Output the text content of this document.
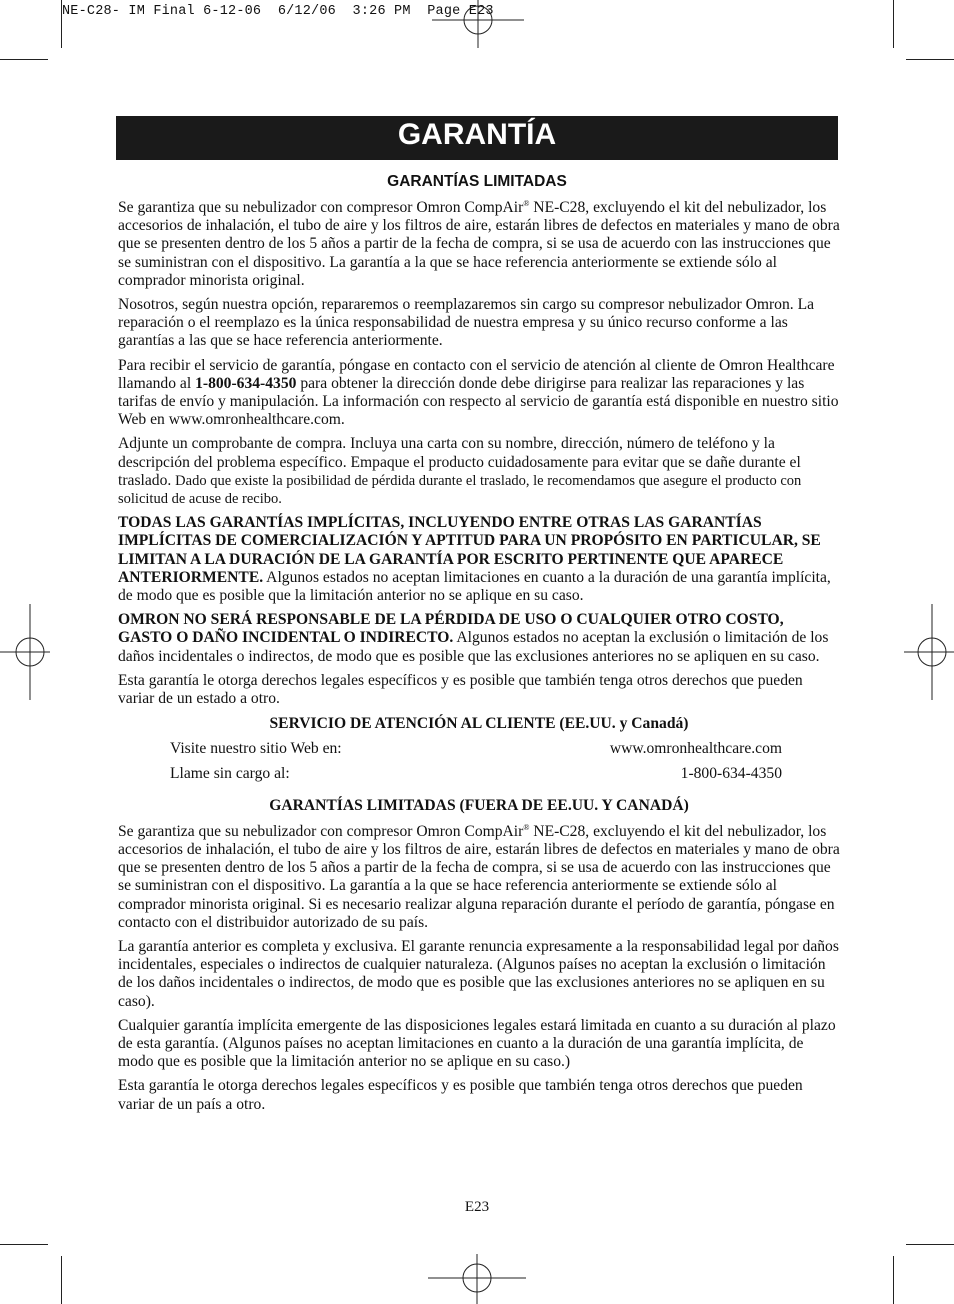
NE-C28- IM Final 6-12-06  6/12/06  3:26 PM  Page E23
GARANTÍA
GARANTÍAS LIMITADAS

Se garantiza que su nebulizador con compresor Omron CompAir® NE-C28, excluyendo el kit del nebulizador, los accesorios de inhalación, el tubo de aire y los filtros de aire, estarán libres de defectos en materiales y mano de obra que se presenten dentro de los 5 años a partir de la fecha de compra, si se usa de acuerdo con las instrucciones que se suministran con el dispositivo. La garantía a la que se hace referencia anteriormente se extiende sólo al comprador minorista original.

Nosotros, según nuestra opción, repararemos o reemplazaremos sin cargo su compresor nebulizador Omron. La reparación o el reemplazo es la única responsabilidad de nuestra empresa y su único recurso conforme a las garantías a las que se hace referencia anteriormente.

Para recibir el servicio de garantía, póngase en contacto con el servicio de atención al cliente de Omron Healthcare llamando al 1-800-634-4350 para obtener la dirección donde debe dirigirse para realizar las reparaciones y las tarifas de envío y manipulación. La información con respecto al servicio de garantía está disponible en nuestro sitio Web en www.omronhealthcare.com.

Adjunte un comprobante de compra. Incluya una carta con su nombre, dirección, número de teléfono y la descripción del problema específico. Empaque el producto cuidadosamente para evitar que se dañe durante el traslado. Dado que existe la posibilidad de pérdida durante el traslado, le recomendamos que asegure el producto con solicitud de acuse de recibo.

TODAS LAS GARANTÍAS IMPLÍCITAS, INCLUYENDO ENTRE OTRAS LAS GARANTÍAS IMPLÍCITAS DE COMERCIALIZACIÓN Y APTITUD PARA UN PROPÓSITO EN PARTICULAR, SE LIMITAN A LA DURACIÓN DE LA GARANTÍA POR ESCRITO PERTINENTE QUE APARECE ANTERIORMENTE. Algunos estados no aceptan limitaciones en cuanto a la duración de una garantía implícita, de modo que es posible que la limitación anterior no se aplique en su caso.

OMRON NO SERÁ RESPONSABLE DE LA PÉRDIDA DE USO O CUALQUIER OTRO COSTO, GASTO O DAÑO INCIDENTAL O INDIRECTO. Algunos estados no aceptan la exclusión o limitación de los daños incidentales o indirectos, de modo que es posible que las exclusiones anteriores no se apliquen en su caso.

Esta garantía le otorga derechos legales específicos y es posible que también tenga otros derechos que pueden variar de un estado a otro.

SERVICIO DE ATENCIÓN AL CLIENTE (EE.UU. y Canadá)
Visite nuestro sitio Web en:	www.omronhealthcare.com
Llame sin cargo al:	1-800-634-4350
GARANTÍAS LIMITADAS (FUERA DE EE.UU. Y CANADÁ)

Se garantiza que su nebulizador con compresor Omron CompAir® NE-C28, excluyendo el kit del nebulizador, los accesorios de inhalación, el tubo de aire y los filtros de aire, estarán libres de defectos en materiales y mano de obra que se presenten dentro de los 5 años a partir de la fecha de compra, si se usa de acuerdo con las instrucciones que se suministran con el dispositivo. La garantía a la que se hace referencia anteriormente se extiende sólo al comprador minorista original. Si es necesario realizar alguna reparación durante el período de garantía, póngase en contacto con el distribuidor autorizado de su país.

La garantía anterior es completa y exclusiva. El garante renuncia expresamente a la responsabilidad legal por daños incidentales, especiales o indirectos de cualquier naturaleza. (Algunos países no aceptan la exclusión o limitación de los daños incidentales o indirectos, de modo que es posible que las exclusiones anteriores no se apliquen en su caso).

Cualquier garantía implícita emergente de las disposiciones legales estará limitada en cuanto a su duración al plazo de esta garantía. (Algunos países no aceptan limitaciones en cuanto a la duración de una garantía implícita, de modo que es posible que la limitación anterior no se aplique en su caso.)

Esta garantía le otorga derechos legales específicos y es posible que también tenga otros derechos que pueden variar de un país a otro.

E23
